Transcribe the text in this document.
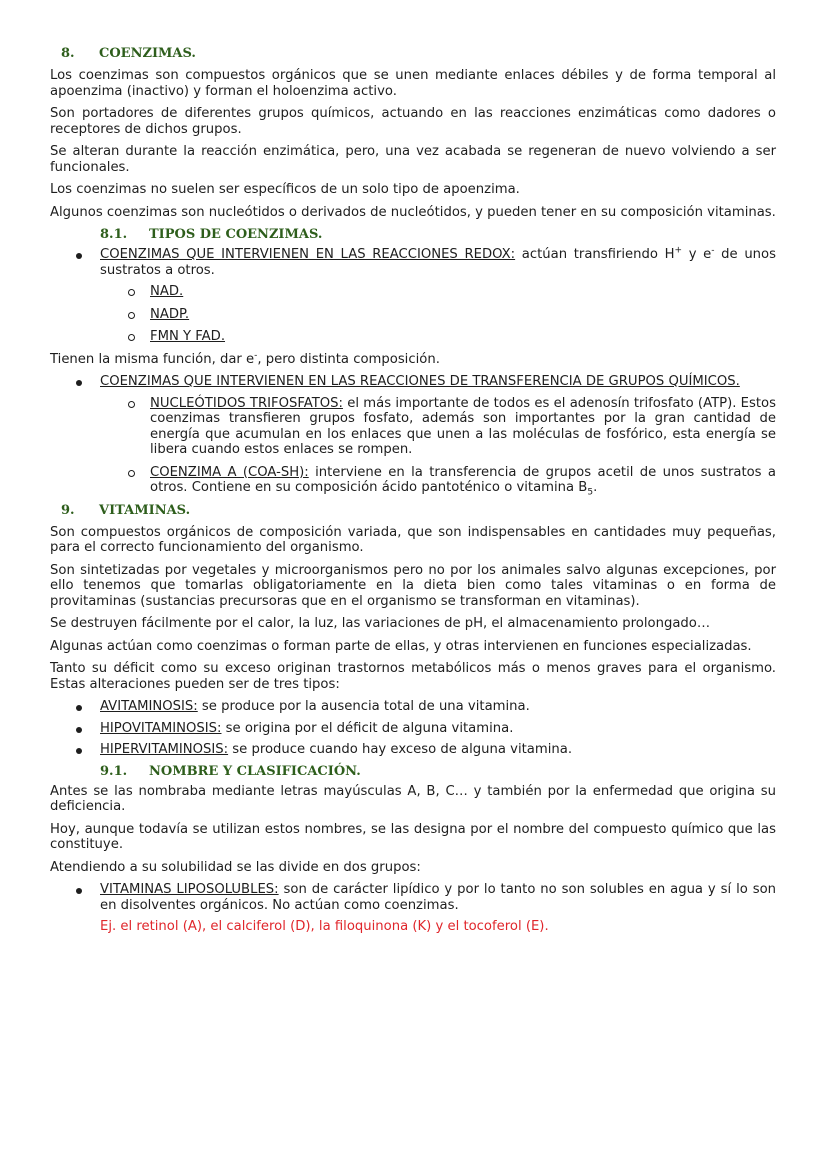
8. COENZIMAS.

Los coenzimas son compuestos orgánicos que se unen mediante enlaces débiles y de forma temporal al apoenzima (inactivo) y forman el holoenzima activo.

Son portadores de diferentes grupos químicos, actuando en las reacciones enzimáticas como dadores o receptores de dichos grupos.

Se alteran durante la reacción enzimática, pero, una vez acabada se regeneran de nuevo volviendo a ser funcionales.

Los coenzimas no suelen ser específicos de un solo tipo de apoenzima.

Algunos coenzimas son nucleótidos o derivados de nucleótidos, y pueden tener en su composición vitaminas.

8.1. TIPOS DE COENZIMAS.
COENZIMAS QUE INTERVIENEN EN LAS REACCIONES REDOX: actúan transfiriendo H+ y e- de unos sustratos a otros.
NAD.
NADP.
FMN Y FAD.

Tienen la misma función, dar e-, pero distinta composición.

COENZIMAS QUE INTERVIENEN EN LAS REACCIONES DE TRANSFERENCIA DE GRUPOS QUÍMICOS.
NUCLEÓTIDOS TRIFOSFATOS: el más importante de todos es el adenosín trifosfato (ATP). Estos coenzimas transfieren grupos fosfato, además son importantes por la gran cantidad de energía que acumulan en los enlaces que unen a las moléculas de fosfórico, esta energía se libera cuando estos enlaces se rompen.
COENZIMA A (COA-SH): interviene en la transferencia de grupos acetil de unos sustratos a otros. Contiene en su composición ácido pantoténico o vitamina $B_5$.
9. VITAMINAS.

Son compuestos orgánicos de composición variada, que son indispensables en cantidades muy pequeñas, para el correcto funcionamiento del organismo.

Son sintetizadas por vegetales y microorganismos pero no por los animales salvo algunas excepciones, por ello tenemos que tomarlas obligatoriamente en la dieta bien como tales vitaminas o en forma de provitaminas (sustancias precursoras que en el organismo se transforman en vitaminas).

Se destruyen fácilmente por el calor, la luz, las variaciones de pH, el almacenamiento prolongado…

Algunas actúan como coenzimas o forman parte de ellas, y otras intervienen en funciones especializadas.

Tanto su déficit como su exceso originan trastornos metabólicos más o menos graves para el organismo. Estas alteraciones pueden ser de tres tipos:

AVITAMINOSIS: se produce por la ausencia total de una vitamina.
HIPOVITAMINOSIS: se origina por el déficit de alguna vitamina.
HIPERVITAMINOSIS: se produce cuando hay exceso de alguna vitamina.
9.1. NOMBRE Y CLASIFICACIÓN.

Antes se las nombraba mediante letras mayúsculas A, B, C… y también por la enfermedad que origina su deficiencia.

Hoy, aunque todavía se utilizan estos nombres, se las designa por el nombre del compuesto químico que las constituye.

Atendiendo a su solubilidad se las divide en dos grupos:

VITAMINAS LIPOSOLUBLES: son de carácter lipídico y por lo tanto no son solubles en agua y sí lo son en disolventes orgánicos. No actúan como coenzimas.

Ej. el retinol (A), el calciferol (D), la filoquinona (K) y el tocoferol (E).
